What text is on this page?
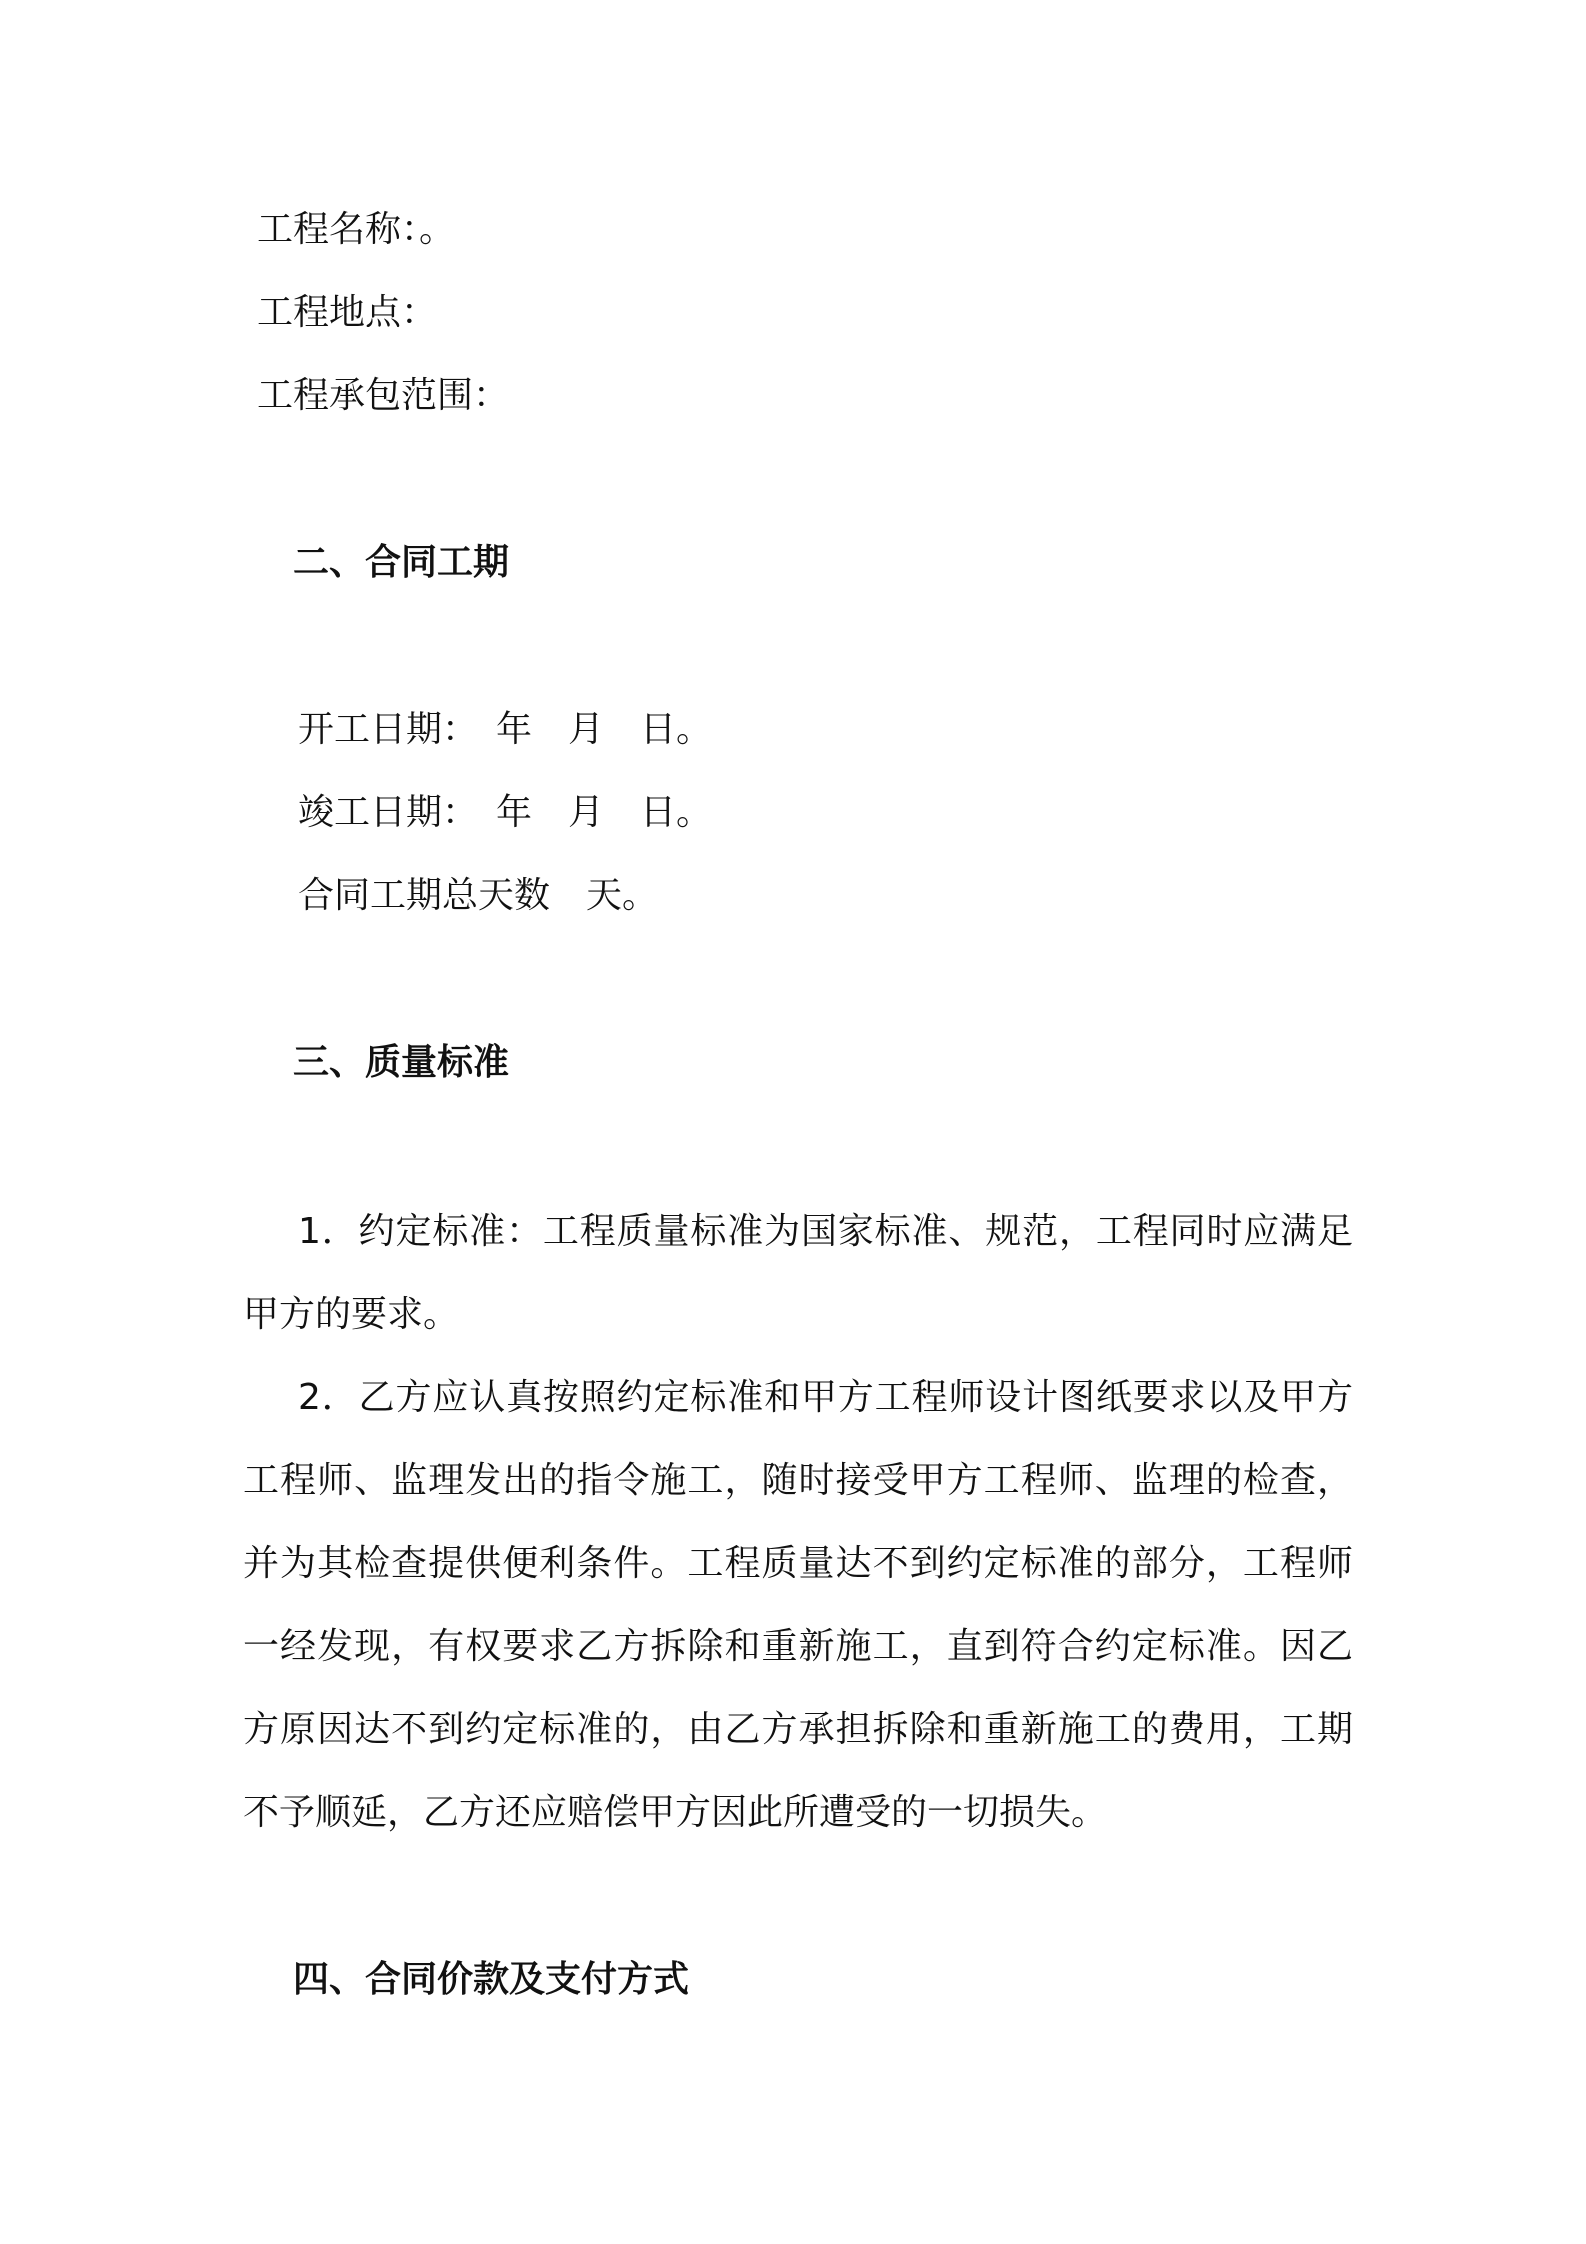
工程名称：。
工程地点：
工程承包范围：
二、合同工期
开工日期：　年　月　日。
竣工日期：　年　月　日。
合同工期总天数　天。
三、质量标准
1．约定标准：工程质量标准为国家标准、规范，工程同时应满足甲方的要求。
2．乙方应认真按照约定标准和甲方工程师设计图纸要求以及甲方工程师、监理发出的指令施工，随时接受甲方工程师、监理的检查，并为其检查提供便利条件。工程质量达不到约定标准的部分，工程师一经发现，有权要求乙方拆除和重新施工，直到符合约定标准。因乙方原因达不到约定标准的，由乙方承担拆除和重新施工的费用，工期不予顺延，乙方还应赔偿甲方因此所遭受的一切损失。
四、合同价款及支付方式
